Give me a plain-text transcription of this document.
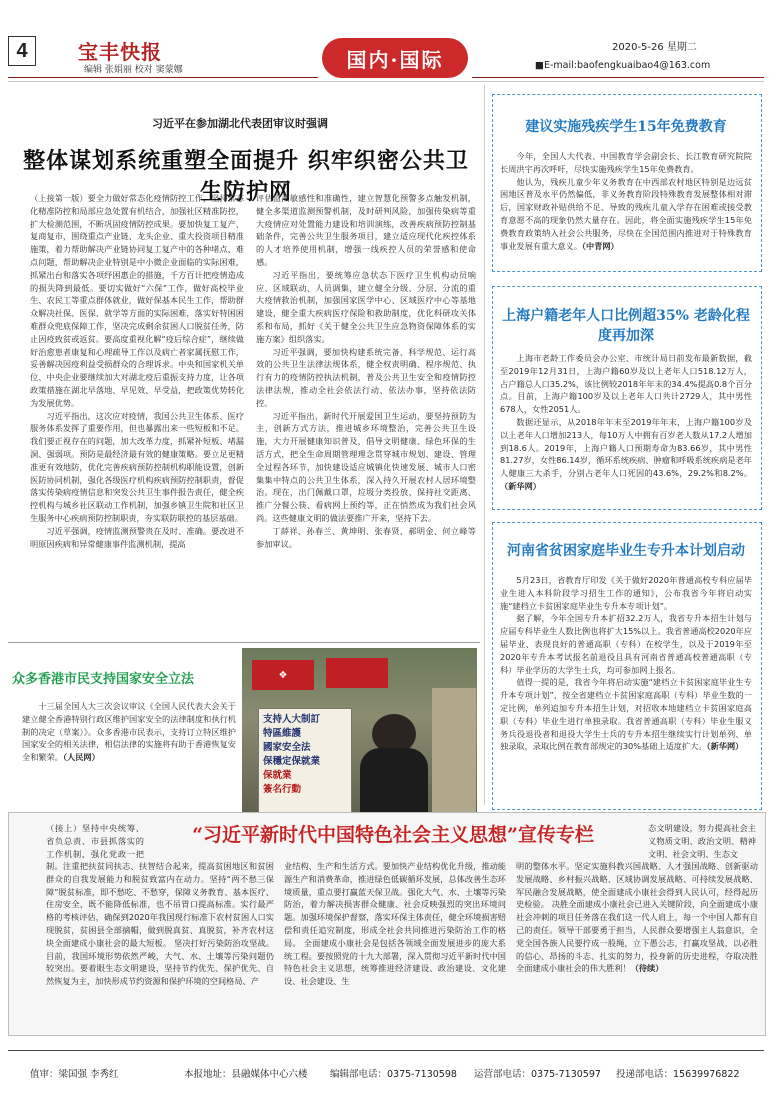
4	宝丰快报
编辑 张娟丽 校对 窦蒙娜	国内·国际	2020-5-26 星期二
■E-mail:baofengkuaibao4@163.com
习近平在参加湖北代表团审议时强调
整体谋划系统重塑全面提升 织牢织密公共卫生防护网

（上接第一版）要全力做好常态化疫情防控工作，坚持常态化精准防控和局部应急处置有机结合，加强社区精准防控，扩大检测范围，不断巩固疫情防控成果。要加快复工复产、复商复市，围绕重点产业链、龙头企业、重大投资项目精准施策，着力帮助解决产业链协同复工复产中的各种堵点、难点问题，帮助解决企业特别是中小微企业面临的实际困难，抓紧出台和落实各项纾困惠企的措施，千方百计把疫情造成的损失降到最低。要切实做好“六保”工作，做好高校毕业生、农民工等重点群体就业，做好保基本民生工作，帮助群众解决社保、医保、就学等方面的实际困难，落实好特困困难群众兜底保障工作，坚决完成剩余贫困人口脱贫任务，防止因疫致贫或返贫。要高度重视化解“疫后综合症”，继续做好治愈患者康复和心理疏导工作以及病亡者家属抚慰工作，妥善解决因疫利益受损群众的合理诉求。中央和国家机关单位、中央企业要继续加大对湖北疫后重振支持力度，让各项政策措施在湖北早落地、早见效、早受益，把政策优势转化为发展优势。

习近平指出，这次应对疫情，我国公共卫生体系、医疗服务体系发挥了重要作用，但也暴露出来一些短板和不足。我们要正视存在的问题，加大改革力度，抓紧补短板、堵漏洞、强弱项。预防是最经济最有效的健康策略。要立足更精准更有效地防，优化完善疾病预防控制机构职能设置，创新医防协同机制，强化各级医疗机构疾病预防控制职责，督促落实传染病疫情信息和突发公共卫生事件报告责任，健全疾控机构与城乡社区联动工作机制，加强乡镇卫生院和社区卫生服务中心疾病预防控制职责，夯实联防联控的基层基础。

习近平强调，疫情监测预警贵在及时、准确。要改进不明原因疾病和异常健康事件监测机制，提高

评估监测敏感性和准确性，建立智慧化预警多点触发机制，健全多渠道监测预警机制，及时研判风险，加强传染病等重大疫情应对处置能力建设和培训演练，改善疾病预防控制基础条件，完善公共卫生服务项目，建立适应现代化疾控体系的人才培养使用机制，增强一线疾控人员的荣誉感和使命感。

习近平指出，要统筹应急状态下医疗卫生机构动员响应、区域联动、人员调集，建立健全分级、分层、分流的重大疫情救治机制，加强国家医学中心、区域医疗中心等基地建设，健全重大疾病医疗保险和救助制度，优化科研攻关体系和布局，抓好《关于健全公共卫生应急物资保障体系的实施方案》组织落实。

习近平强调，要加快构建系统完备、科学规范、运行高效的公共卫生法律法规体系，健全权责明确、程序规范、执行有力的疫情防控执法机制，普及公共卫生安全和疫情防控法律法规，推动全社会依法行动、依法办事，坚持依法防控。

习近平指出，新时代开展爱国卫生运动，要坚持预防为主，创新方式方法，推进城乡环境整治，完善公共卫生设施，大力开展健康知识普及，倡导文明健康、绿色环保的生活方式，把全生命周期管理理念贯穿城市规划、建设、管理全过程各环节，加快建设适应城镇化快速发展、城市人口密集集中特点的公共卫生体系，深入持久开展农村人居环境整治。现在，出门佩戴口罩，垃圾分类投放、保持社交距离、推广分餐公筷、看病网上预约等，正在悄然成为我们社会风尚。这些健康文明的做法要推广开来，坚持下去。

丁薛祥、孙春兰、黄坤明、张春贤、郝明金、何立峰等参加审议。

众多香港市民支持国家安全立法

十三届全国人大三次会议审议《全国人民代表大会关于建立健全香港特别行政区维护国家安全的法律制度和执行机制的决定（草案）》。众多香港市民表示，支持订立特区维护国家安全的相关法律，相信法律的实施将有助于香港恢复安全和繁荣。（人民网）

❖
支持人大制訂
特區維護
國家安全法
保穩定保就業
保就業
簽名行動
建议实施残疾学生15年免费教育

今年，全国人大代表、中国教育学会副会长、长江教育研究院院长周洪宇再次呼吁，尽快实施残疾学生15年免费教育。

他认为，残疾儿童少年义务教育在中西部农村地区特别是边远贫困地区普及水平仍然偏低，非义务教育阶段特殊教育发展整体相对滞后，国家财政补贴供给不足、导致的残疾儿童入学存在困难或接受教育意愿不高的现象仍然大量存在。因此，将全面实施残疾学生15年免费教育政策纳入社会公共服务，尽快在全国范围内推进对于特殊教育事业发展有重大意义。（中青网）

上海户籍老年人口比例超35% 老龄化程度再加深

上海市老龄工作委员会办公室、市统计局日前发布最新数据，截至2019年12月31日，上海户籍60岁及以上老年人口518.12万人，占户籍总人口35.2%，该比例较2018年年末的34.4%提高0.8个百分点。目前，上海户籍100岁及以上老年人口共计2729人，其中男性678人，女性2051人。

数据还显示，从2018年年末至2019年年末，上海户籍100岁及以上老年人口增加213人，每10万人中拥有百岁老人数从17.2人增加到18.6人。2019年，上海户籍人口预期寿命为83.66岁，其中男性81.27岁，女性86.14岁，循环系统疾病、肿瘤和呼吸系统疾病是老年人健康三大杀手，分别占老年人口死因的43.6%，29.2%和8.2%。（新华网）

河南省贫困家庭毕业生专升本计划启动

5月23日，省教育厅印发《关于做好2020年普通高校专科应届毕业生进入本科阶段学习招生工作的通知》，公布我省今年将启动实施“建档立卡贫困家庭毕业生专升本专项计划”。

据了解，今年全国专升本扩招32.2万人，我省专升本招生计划与应届专科毕业生人数比例也将扩大15%以上。我省普通高校2020年应届毕业、表现良好的普通高职（专科）在校学生，以及于2019年至2020年专升本考试报名前退役且具有河南省普通高校普通高职（专科）毕业学历的大学生士兵，均可参加网上报名。

值得一提的是，我省今年将启动实施“建档立卡贫困家庭毕业生专升本专项计划”，按全省建档立卡贫困家庭高职（专科）毕业生数的一定比例，单列追加专升本招生计划，对招收本地建档立卡贫困家庭高职（专科）毕业生进行单独录取。我省普通高职（专科）毕业生服义务兵役退役者和退役大学生士兵的专升本招生继续实行计划单列、单独录取，录取比例在教育部规定的30%基础上适度扩大。（新华网）

“习近平新时代中国特色社会主义思想”宣传专栏
（接上）坚持中央统筹、省负总责、市县抓落实的工作机制，强化党政一把
态文明建设，努力提高社会主义物质文明、政治文明、精神文明、社会文明、生态文
制。注重把扶贫同扶志、扶智结合起来，提高贫困地区和贫困群众的自我发展能力和脱贫致富内在动力。坚持“两不愁三保障”脱贫标准，即不愁吃、不愁穿，保障义务教育、基本医疗、住房安全，既不能降低标准，也不吊胃口提高标准。实行最严格的考核评估，确保到2020年我国现行标准下农村贫困人口实现脱贫，贫困县全部摘帽，做到脱真贫、真脱贫，补齐农村这块全面建成小康社会的最大短板。 坚决打好污染防治攻坚战。目前，我国环境形势依然严峻，大气、水、土壤等污染问题仍较突出。要着眼生态文明建设，坚持节约优先、保护优先、自然恢复为主，加快形成节约资源和保护环境的空间格局、产
业结构、生产和生活方式。要加快产业结构优化升级，推动能源生产和消费革命，推进绿色低碳循环发展，总体改善生态环境质量，重点要打赢蓝天保卫战。强化大气、水、土壤等污染防治，着力解决损害群众健康、社会反映强烈的突出环境问题。加强环境保护督察，落实环保主体责任，健全环境损害赔偿和责任追究制度，形成全社会共同推进污染防治工作的格局。 全面建成小康社会是包括各领域全面发展进步的庞大系统工程。要按照党的十九大部署，深入贯彻习近平新时代中国特色社会主义思想，统筹推进经济建设、政治建设、文化建设、社会建设、生
明的整体水平。坚定实施科教兴国战略、人才强国战略、创新驱动发展战略、乡村振兴战略、区域协调发展战略、可持续发展战略、军民融合发展战略，使全面建成小康社会得到人民认可，经得起历史检验。 决胜全面建成小康社会已进入关键阶段，向全面建成小康社会冲刺的项目任务落在我们这一代人肩上，每一个中国人都有自己的责任。领导干部要勇于担当，人民群众要增强主人翁意识，全党全国各族人民要拧成一股绳，立下愚公志，打赢攻坚战，以必胜的信心、昂扬的斗志、扎实的努力，投身新的历史进程，夺取决胜全面建成小康社会的伟大胜利！（待续）
值审：梁国强 李秀红	本报地址：县融媒体中心六楼 编辑部电话：0375-7130598 运营部电话：0375-7130597 投递部电话：15639976822
